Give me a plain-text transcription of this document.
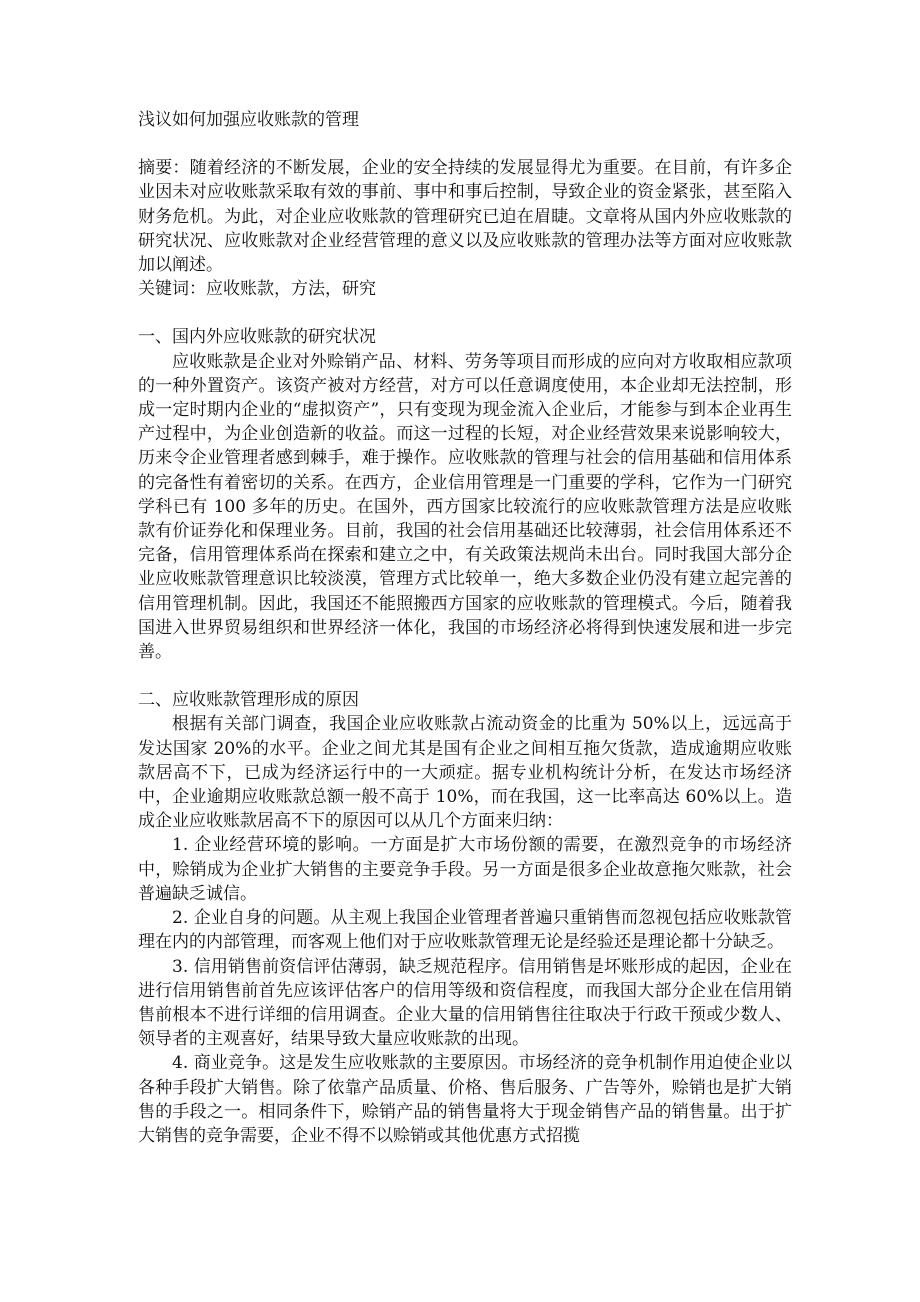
浅议如何加强应收账款的管理

摘要：随着经济的不断发展，企业的安全持续的发展显得尤为重要。在目前，有许多企业因未对应收账款采取有效的事前、事中和事后控制，导致企业的资金紧张，甚至陷入财务危机。为此，对企业应收账款的管理研究已迫在眉睫。文章将从国内外应收账款的研究状况、应收账款对企业经营管理的意义以及应收账款的管理办法等方面对应收账款加以阐述。

关键词：应收账款，方法，研究

一、国内外应收账款的研究状况

应收账款是企业对外赊销产品、材料、劳务等项目而形成的应向对方收取相应款项的一种外置资产。该资产被对方经营，对方可以任意调度使用，本企业却无法控制，形成一定时期内企业的“虚拟资产”，只有变现为现金流入企业后，才能参与到本企业再生产过程中，为企业创造新的收益。而这一过程的长短，对企业经营效果来说影响较大，历来令企业管理者感到棘手，难于操作。应收账款的管理与社会的信用基础和信用体系的完备性有着密切的关系。在西方，企业信用管理是一门重要的学科，它作为一门研究学科已有 100 多年的历史。在国外，西方国家比较流行的应收账款管理方法是应收账款有价证券化和保理业务。目前，我国的社会信用基础还比较薄弱，社会信用体系还不完备，信用管理体系尚在探索和建立之中，有关政策法规尚未出台。同时我国大部分企业应收账款管理意识比较淡漠，管理方式比较单一，绝大多数企业仍没有建立起完善的信用管理机制。因此，我国还不能照搬西方国家的应收账款的管理模式。今后，随着我国进入世界贸易组织和世界经济一体化，我国的市场经济必将得到快速发展和进一步完善。

二、应收账款管理形成的原因

根据有关部门调查，我国企业应收账款占流动资金的比重为 50%以上，远远高于发达国家 20%的水平。企业之间尤其是国有企业之间相互拖欠货款，造成逾期应收账款居高不下，已成为经济运行中的一大顽症。据专业机构统计分析，在发达市场经济中，企业逾期应收账款总额一般不高于 10%，而在我国，这一比率高达 60%以上。造成企业应收账款居高不下的原因可以从几个方面来归纳：

1. 企业经营环境的影响。一方面是扩大市场份额的需要，在激烈竞争的市场经济中，赊销成为企业扩大销售的主要竞争手段。另一方面是很多企业故意拖欠账款，社会普遍缺乏诚信。

2. 企业自身的问题。从主观上我国企业管理者普遍只重销售而忽视包括应收账款管理在内的内部管理，而客观上他们对于应收账款管理无论是经验还是理论都十分缺乏。

3. 信用销售前资信评估薄弱，缺乏规范程序。信用销售是坏账形成的起因，企业在进行信用销售前首先应该评估客户的信用等级和资信程度，而我国大部分企业在信用销售前根本不进行详细的信用调查。企业大量的信用销售往往取决于行政干预或少数人、领导者的主观喜好，结果导致大量应收账款的出现。

4. 商业竞争。这是发生应收账款的主要原因。市场经济的竞争机制作用迫使企业以各种手段扩大销售。除了依靠产品质量、价格、售后服务、广告等外，赊销也是扩大销售的手段之一。相同条件下，赊销产品的销售量将大于现金销售产品的销售量。出于扩大销售的竞争需要，企业不得不以赊销或其他优惠方式招揽
